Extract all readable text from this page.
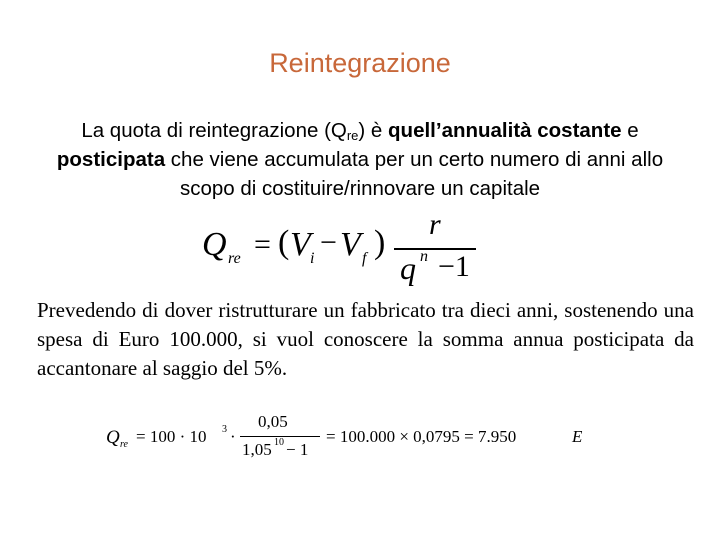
Reintegrazione
La quota di reintegrazione $(Q_{re})$ è quell’annualità costante e posticipata che viene accumulata per un certo numero di anni allo scopo di costituire/rinnovare un capitale
Q re = ( V i − V f ) r
q n −1
Prevedendo di dover ristrutturare un fabbricato tra dieci anni, sostenendo una spesa di Euro 100.000, si vuol conoscere la somma annua posticipata da accantonare al saggio del 5%.
Q re = 100 · 10 3 ·
0,05
1,05 10 − 1
= 100.000 × 0,0795 = 7.950	E
